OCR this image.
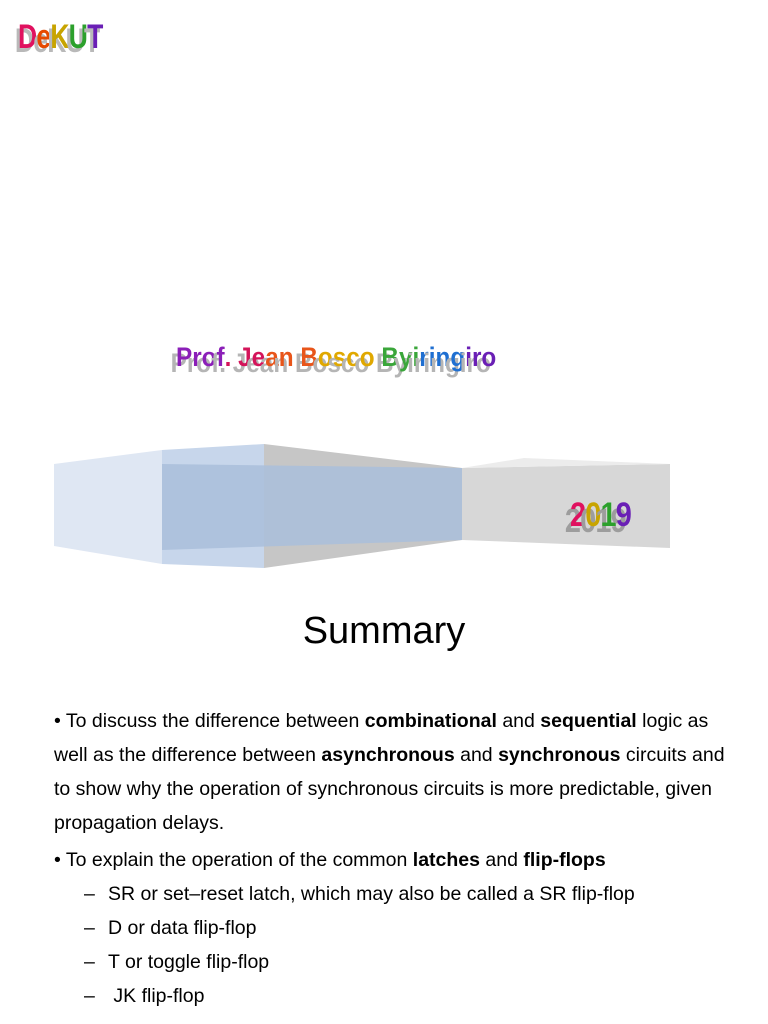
DeKUT
Prof. Jean Bosco Byiringiro
2019
Summary
• To discuss the difference between combinational and sequential logic as well as the difference between asynchronous and synchronous circuits and to show why the operation of synchronous circuits is more predictable, given propagation delays.
• To explain the operation of the common latches and flip-flops
– SR or set–reset latch, which may also be called a SR flip-flop
– D or data flip-flop
– T or toggle flip-flop
– JK flip-flop
